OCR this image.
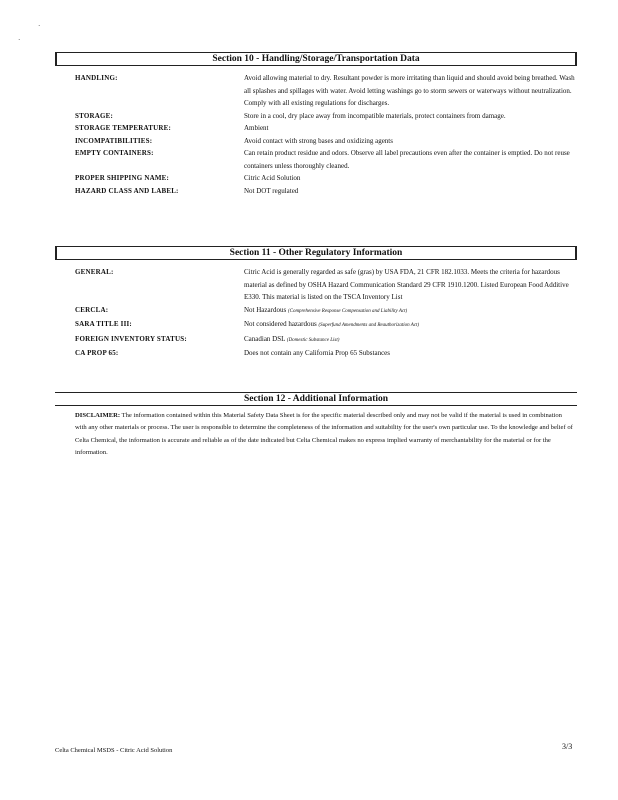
·
·
Section 10 - Handling/Storage/Transportation Data
HANDLING:	Avoid allowing material to dry. Resultant powder is more irritating than liquid and should avoid being breathed. Wash all splashes and spillages with water. Avoid letting washings go to storm sewers or waterways without neutralization. Comply with all existing regulations for discharges.
STORAGE:	Store in a cool, dry place away from incompatible materials, protect containers from damage.
STORAGE TEMPERATURE:	Ambient
INCOMPATIBILITIES:	Avoid contact with strong bases and oxidizing agents
EMPTY CONTAINERS:	Can retain product residue and odors. Observe all label precautions even after the container is emptied. Do not reuse containers unless thoroughly cleaned.
PROPER SHIPPING NAME:	Citric Acid Solution
HAZARD CLASS AND LABEL:	Not DOT regulated
Section 11 - Other Regulatory Information
GENERAL:	Citric Acid is generally regarded as safe (gras) by USA FDA, 21 CFR 182.1033. Meets the criteria for hazardous material as defined by OSHA Hazard Communication Standard 29 CFR 1910.1200. Listed European Food Additive E330. This material is listed on the TSCA Inventory List
CERCLA:	Not Hazardous (Comprehensive Response Compensation and Liability Act)
SARA TITLE III:	Not considered hazardous (Superfund Amendments and Reauthorization Act)
FOREIGN INVENTORY STATUS:	Canadian DSL (Domestic Substance List)
CA PROP 65:	Does not contain any California Prop 65 Substances
Section 12 - Additional Information
DISCLAIMER: The information contained within this Material Safety Data Sheet is for the specific material described only and may not be valid if the material is used in combination with any other materials or process. The user is responsible to determine the completeness of the information and suitability for the user's own particular use. To the knowledge and belief of Celta Chemical, the information is accurate and reliable as of the date indicated but Celta Chemical makes no express implied warranty of merchantability for the material or for the information.
Celta Chemical MSDS - Citric Acid Solution	3/3
